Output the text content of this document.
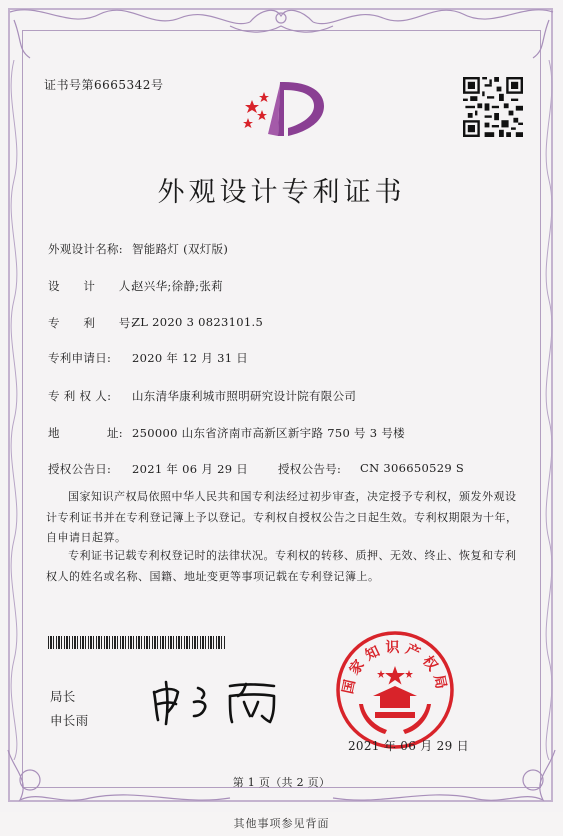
证书号第6665342号
外观设计专利证书
外观设计名称: 智能路灯 (双灯版)
设　　计　　人:
赵兴华;徐静;张莉
专　　利　　号:
ZL 2020 3 0823101.5
专利申请日: 2020 年 12 月 31 日
专 利 权 人: 山东清华康利城市照明研究设计院有限公司
地　　　　址: 250000 山东省济南市高新区新宇路 750 号 3 号楼
授权公告日: 2021 年 06 月 29 日	授权公告号: CN 306650529 S
国家知识产权局依照中华人民共和国专利法经过初步审查，决定授予专利权，颁发外观设计专利证书并在专利登记簿上予以登记。专利权自授权公告之日起生效。专利权期限为十年，自申请日起算。
专利证书记载专利权登记时的法律状况。专利权的转移、质押、无效、终止、恢复和专利权人的姓名或名称、国籍、地址变更等事项记载在专利登记簿上。
局长
申长雨
国家知识产权局
2021 年 06 月 29 日
第 1 页（共 2 页）
其他事项参见背面
